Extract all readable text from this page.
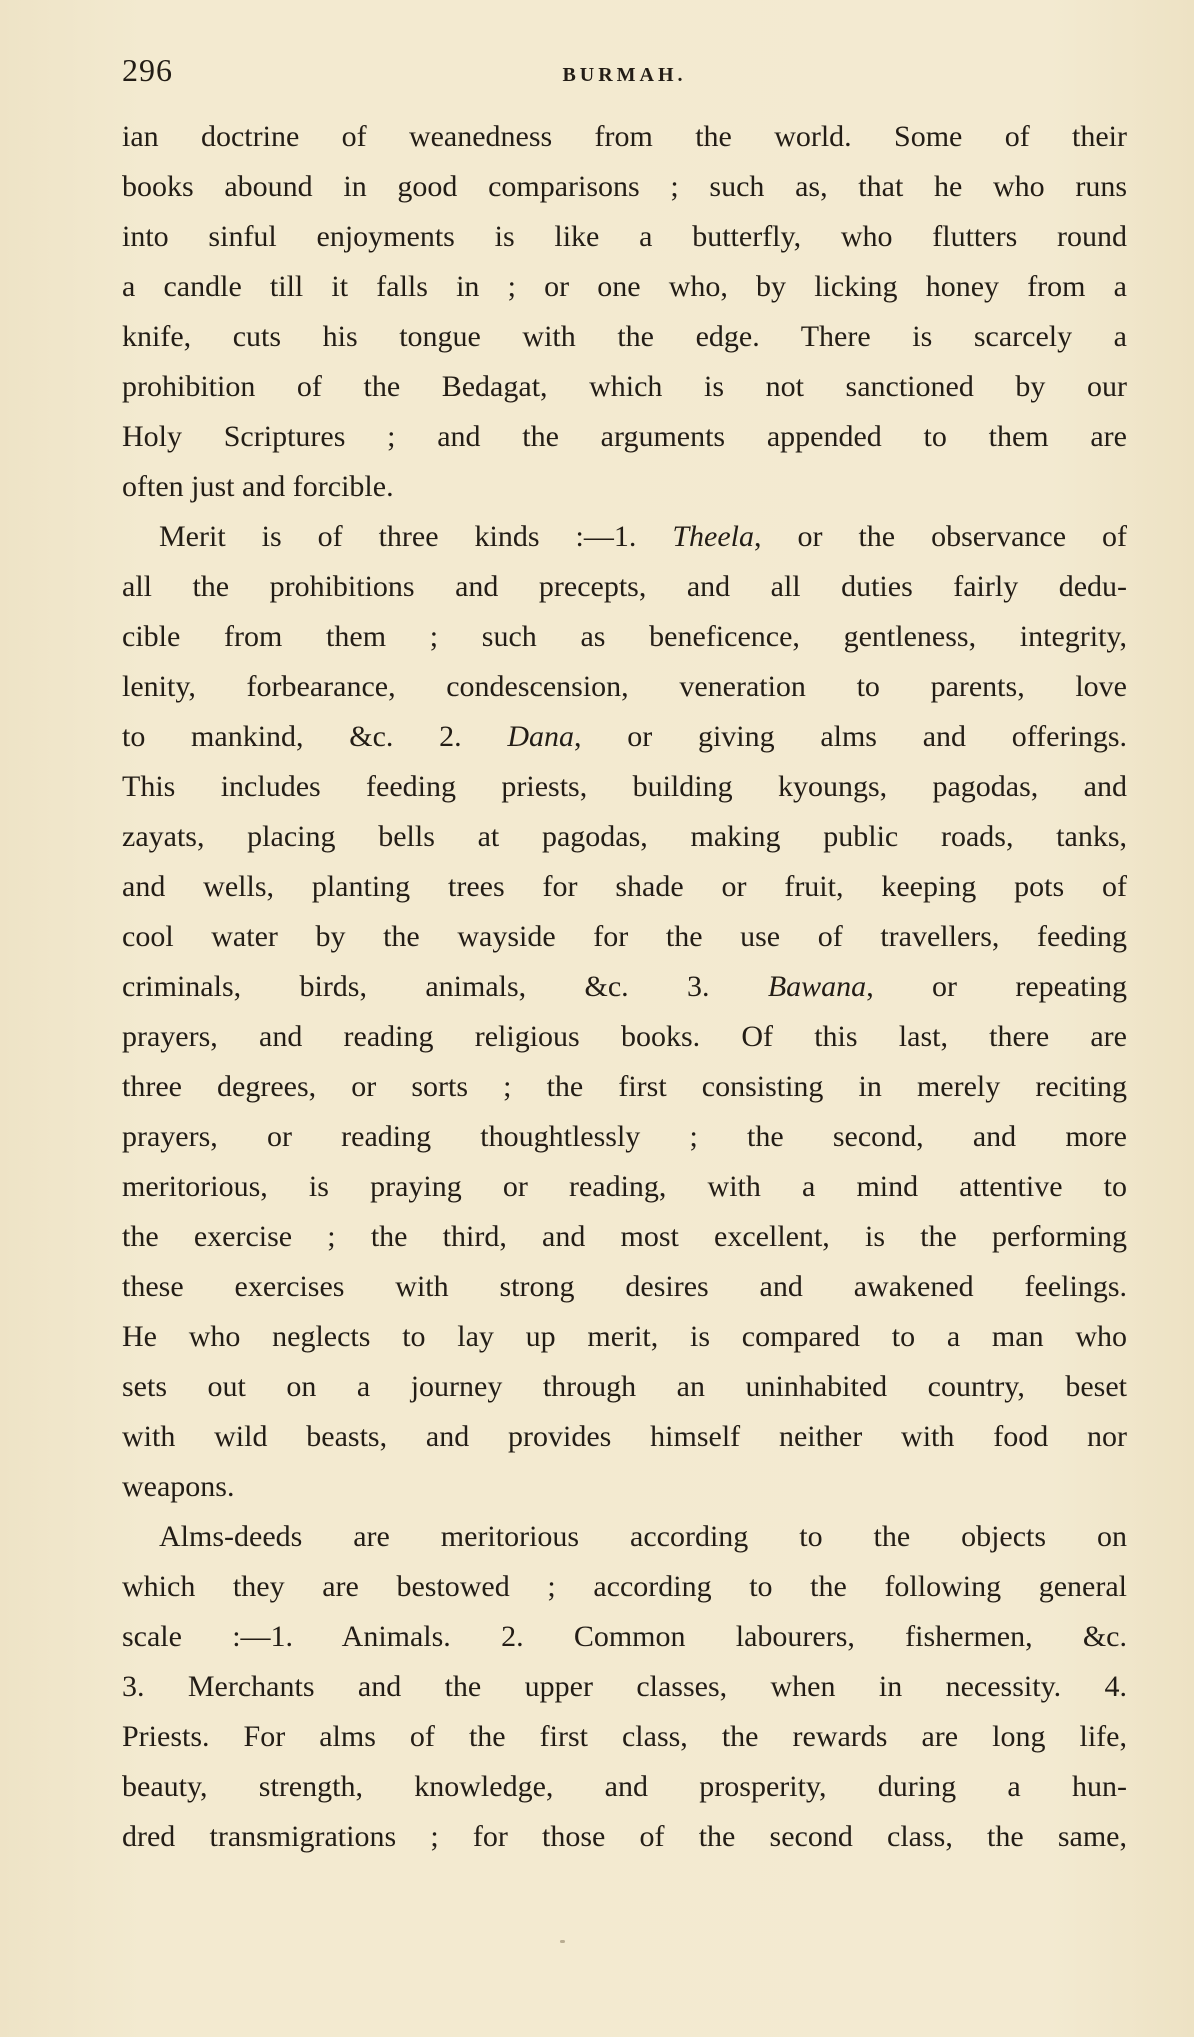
296	BURMAH.
ian doctrine of weanedness from the world. Some of their
books abound in good comparisons ; such as, that he who runs
into sinful enjoyments is like a butterfly, who flutters round
a candle till it falls in ; or one who, by licking honey from a
knife, cuts his tongue with the edge. There is scarcely a
prohibition of the Bedagat, which is not sanctioned by our
Holy Scriptures ; and the arguments appended to them are
often just and forcible.
Merit is of three kinds :—1. Theela, or the observance of
all the prohibitions and precepts, and all duties fairly dedu-
cible from them ; such as beneficence, gentleness, integrity,
lenity, forbearance, condescension, veneration to parents, love
to mankind, &c. 2. Dana, or giving alms and offerings.
This includes feeding priests, building kyoungs, pagodas, and
zayats, placing bells at pagodas, making public roads, tanks,
and wells, planting trees for shade or fruit, keeping pots of
cool water by the wayside for the use of travellers, feeding
criminals, birds, animals, &c. 3. Bawana, or repeating
prayers, and reading religious books. Of this last, there are
three degrees, or sorts ; the first consisting in merely reciting
prayers, or reading thoughtlessly ; the second, and more
meritorious, is praying or reading, with a mind attentive to
the exercise ; the third, and most excellent, is the performing
these exercises with strong desires and awakened feelings.
He who neglects to lay up merit, is compared to a man who
sets out on a journey through an uninhabited country, beset
with wild beasts, and provides himself neither with food nor
weapons.
Alms-deeds are meritorious according to the objects on
which they are bestowed ; according to the following general
scale :—1. Animals. 2. Common labourers, fishermen, &c.
3. Merchants and the upper classes, when in necessity. 4.
Priests. For alms of the first class, the rewards are long life,
beauty, strength, knowledge, and prosperity, during a hun-
dred transmigrations ; for those of the second class, the same,
